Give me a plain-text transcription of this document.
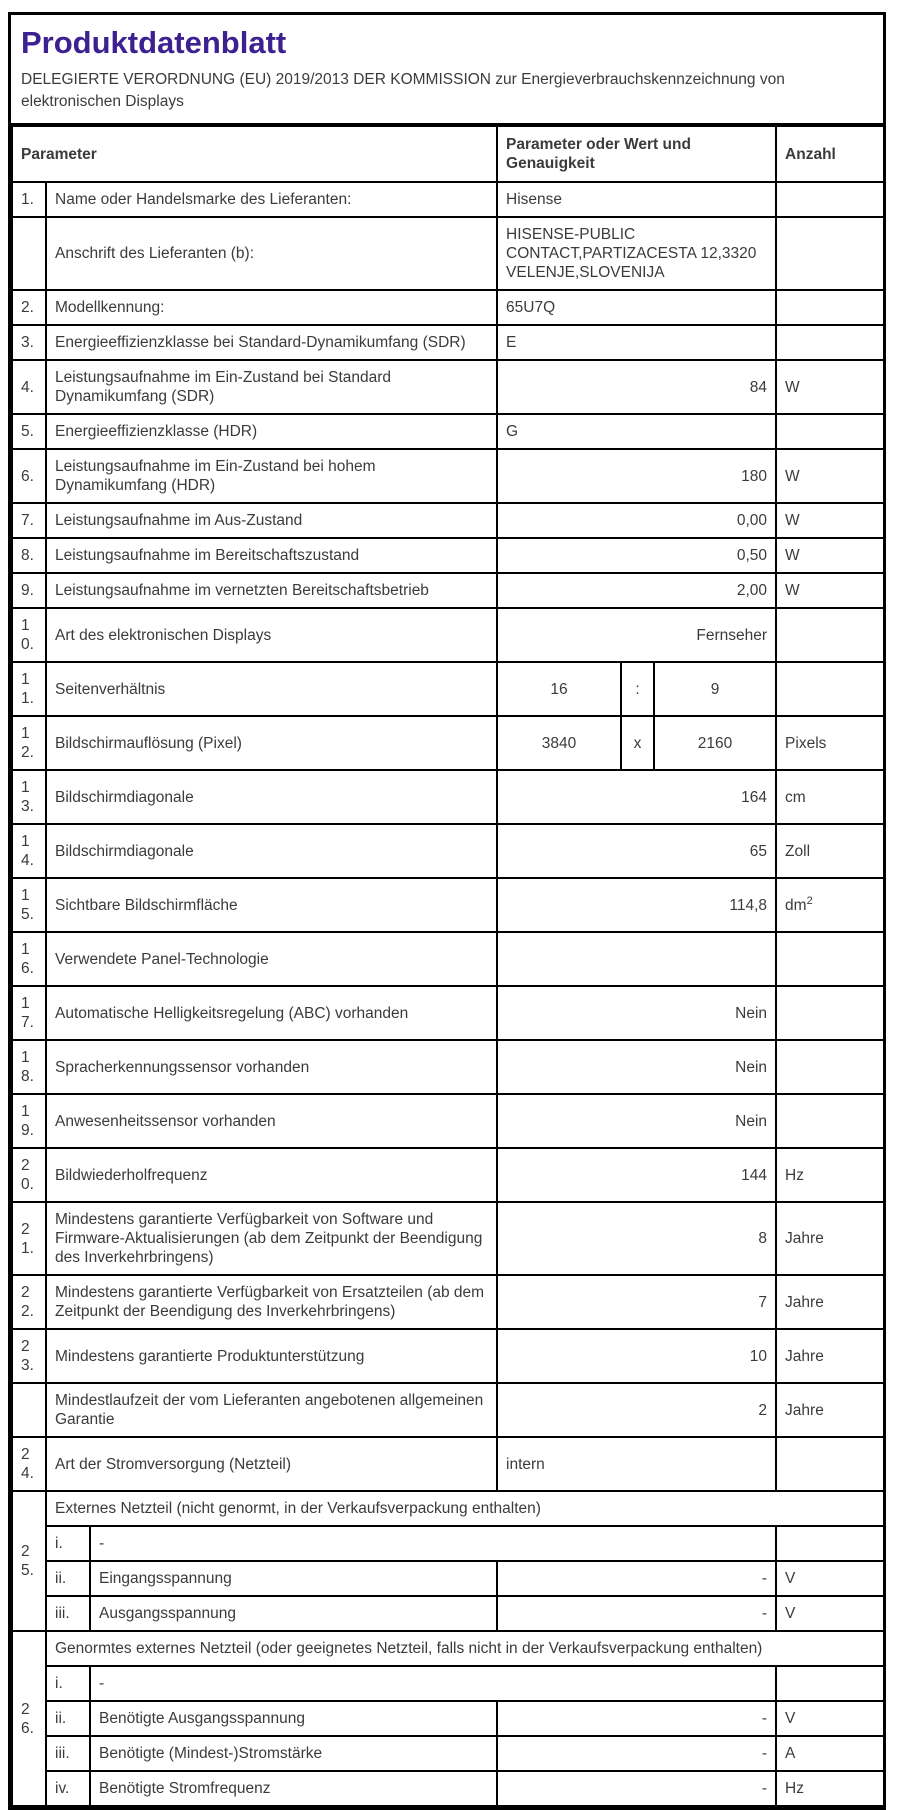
Produktdatenblatt

DELEGIERTE VERORDNUNG (EU) 2019/2013 DER KOMMISSION zur Energieverbrauchskennzeichnung von elektronischen Displays

Parameter			Parameter oder Wert und Genauigkeit			Anzahl
1.	Name oder Handelsmarke des Lieferanten:		Hisense			
	Anschrift des Lieferanten (b):		HISENSE-PUBLIC CONTACT,PARTIZACESTA 12,3320 VELENJE,SLOVENIJA			
2.	Modellkennung:		65U7Q			
3.	Energieeffizienzklasse bei Standard-Dynamikumfang (SDR)		E			
4.	Leistungsaufnahme im Ein-Zustand bei Standard Dynamikumfang (SDR)		84			W
5.	Energieeffizienzklasse (HDR)		G			
6.	Leistungsaufnahme im Ein-Zustand bei hohem Dynamikumfang (HDR)		180			W
7.	Leistungsaufnahme im Aus-Zustand		0,00			W
8.	Leistungsaufnahme im Bereitschaftszustand		0,50			W
9.	Leistungsaufnahme im vernetzten Bereitschaftsbetrieb		2,00			W
10.	Art des elektronischen Displays		Fernseher			
11.	Seitenverhältnis		16	:	9	
12.	Bildschirmauflösung (Pixel)		3840	x	2160	Pixels
13.	Bildschirmdiagonale		164			cm
14.	Bildschirmdiagonale		65			Zoll
15.	Sichtbare Bildschirmfläche		114,8			$dm^2$
16.	Verwendete Panel-Technologie					
17.	Automatische Helligkeitsregelung (ABC) vorhanden		Nein			
18.	Spracherkennungssensor vorhanden		Nein			
19.	Anwesenheitssensor vorhanden		Nein			
20.	Bildwiederholfrequenz		144			Hz
21.	Mindestens garantierte Verfügbarkeit von Software und Firmware-Aktualisierungen (ab dem Zeitpunkt der Beendigung des Inverkehrbringens)		8			Jahre
22.	Mindestens garantierte Verfügbarkeit von Ersatzteilen (ab dem Zeitpunkt der Beendigung des Inverkehrbringens)		7			Jahre
23.	Mindestens garantierte Produktunterstützung		10			Jahre
	Mindestlaufzeit der vom Lieferanten angebotenen allgemeinen Garantie		2			Jahre
24.	Art der Stromversorgung (Netzteil)		intern			
25.	Externes Netzteil (nicht genormt, in der Verkaufsverpackung enthalten)					
	i.	-				
	ii.	Eingangsspannung	-			V
	iii.	Ausgangsspannung	-			V
26.	Genormtes externes Netzteil (oder geeignetes Netzteil, falls nicht in der Verkaufsverpackung enthalten)					
	i.	-				
	ii.	Benötigte Ausgangsspannung	-			V
	iii.	Benötigte (Mindest-)Stromstärke	-			A
	iv.	Benötigte Stromfrequenz	-			Hz
